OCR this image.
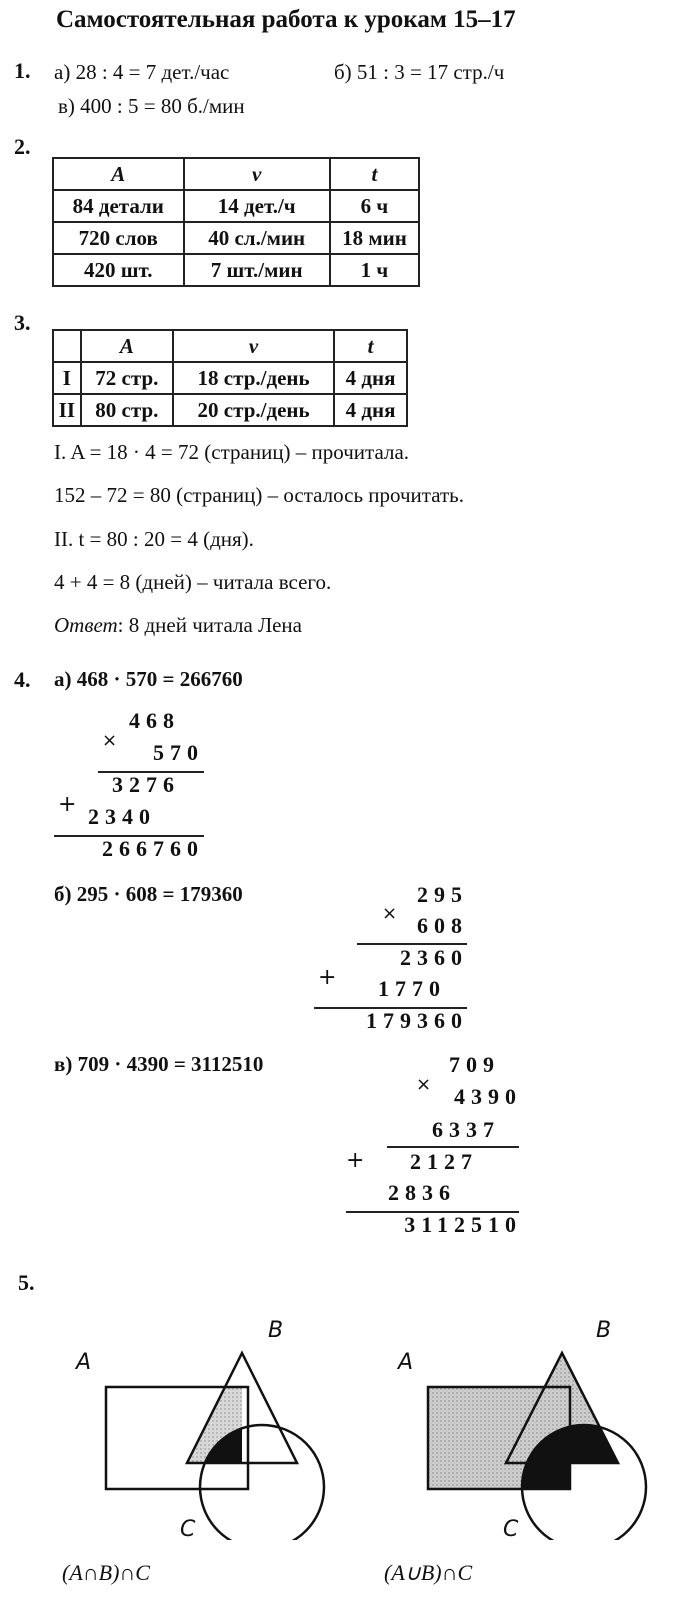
Самостоятельная работа к урокам 15–17
1. а) 28 : 4 = 7 дет./час	б) 51 : 3 = 17 стр./ч
в) 400 : 5 = 80 б./мин
2.
A	v	t
84 детали	14 дет./ч	6 ч
720 слов	40 сл./мин	18 мин
420 шт.	7 шт./мин	1 ч
3.
	A	v	t
I	72 стр.	18 стр./день	4 дня
II	80 стр.	20 стр./день	4 дня
I. A = 18 · 4 = 72 (страниц) – прочитала.
152 – 72 = 80 (страниц) – осталось прочитать.
II. t = 80 : 20 = 4 (дня).
4 + 4 = 8 (дней) – читала всего.
Ответ: 8 дней читала Лена
4. а) 468 · 570 = 266760
468
× 570
3276
+ 2340
266760
б) 295 · 608 = 179360	295
× 608
2360
+ 1770
179360
в) 709 · 4390 = 3112510	709
× 4390
6337
+ 2127
2836
3112510
5.
A
B
C
(A∩B)∩C
A
B
C
(A∪B)∩C
